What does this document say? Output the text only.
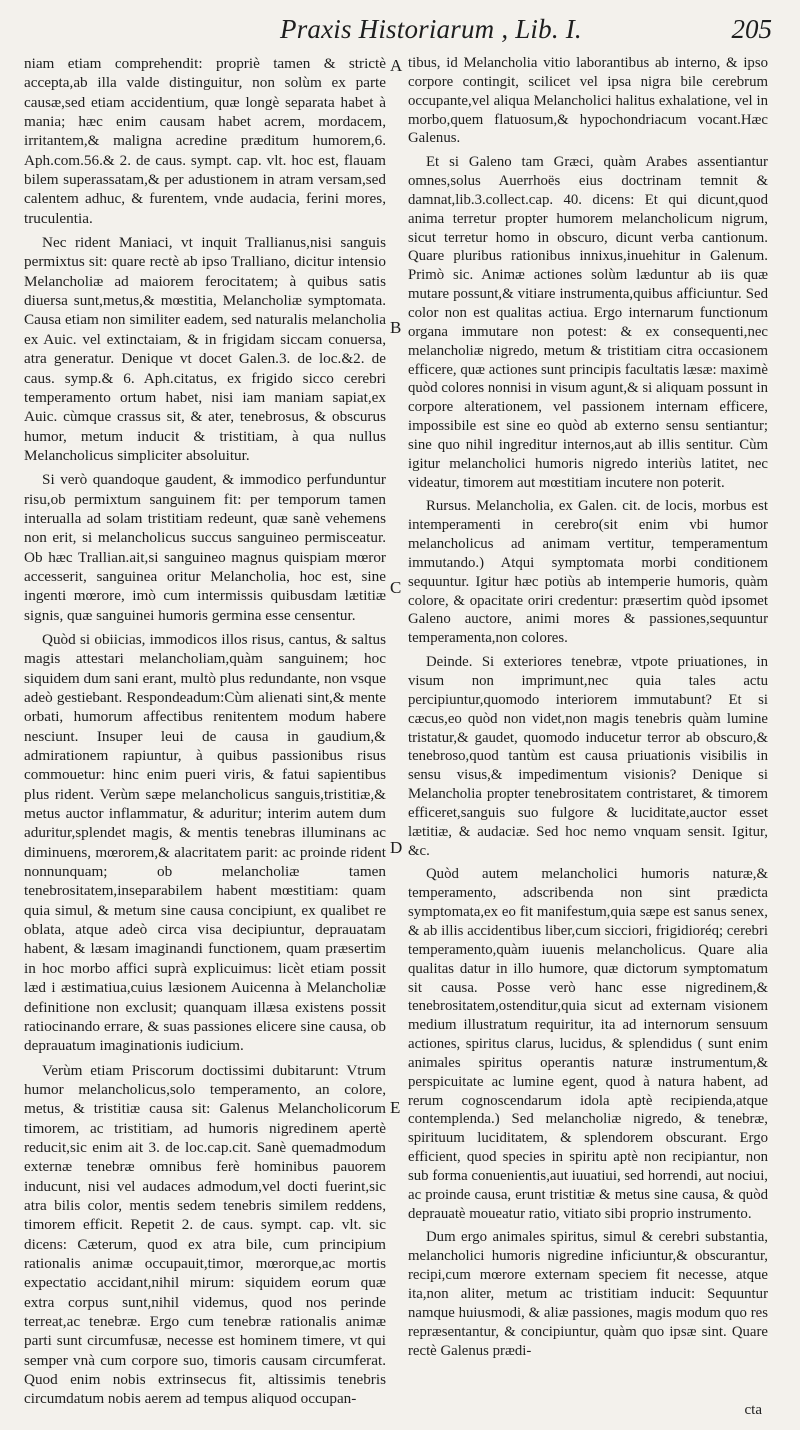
Praxis Historiarum , Lib. I.	205

niam etiam comprehendit: propriè tamen & strictè accepta,ab illa valde distinguitur, non solùm ex parte causæ,sed etiam accidentium, quæ longè separata habet à mania; hæc enim causam habet acrem, mordacem, irritantem,& maligna acredine præditum humorem,6. Aph.com.56.& 2. de caus. sympt. cap. vlt. hoc est, flauam bilem superassatam,& per adustionem in atram versam,sed calentem adhuc, & furentem, vnde audacia, ferini mores, truculentia.

Nec rident Maniaci, vt inquit Trallianus,nisi sanguis permixtus sit: quare rectè ab ipso Tralliano, dicitur intensio Melancholiæ ad maiorem ferocitatem; à quibus satis diuersa sunt,metus,& mœstitia, Melancholiæ symptomata. Causa etiam non similiter eadem, sed naturalis melancholia ex Auic. vel extinctaiam, & in frigidam siccam conuersa, atra generatur. Denique vt docet Galen.3. de loc.&2. de caus. symp.& 6. Aph.citatus, ex frigido sicco cerebri temperamento ortum habet, nisi iam maniam sapiat,ex Auic. cùmque crassus sit, & ater, tenebrosus, & obscurus humor, metum inducit & tristitiam, à qua nullus Melancholicus simpliciter absoluitur.

Si verò quandoque gaudent, & immodico perfunduntur risu,ob permixtum sanguinem fit: per temporum tamen interualla ad solam tristitiam redeunt, quæ sanè vehemens non erit, si melancholicus succus sanguineo permisceatur. Ob hæc Trallian.ait,si sanguineo magnus quispiam mœror accesserit, sanguinea oritur Melancholia, hoc est, sine ingenti mœrore, imò cum intermissis quibusdam lætitiæ signis, quæ sanguinei humoris germina esse censentur.

Quòd si obiicias, immodicos illos risus, cantus, & saltus magis attestari melancholiam,quàm sanguinem; hoc siquidem dum sani erant, multò plus redundante, non vsque adeò gestiebant. Respondeadum:Cùm alienati sint,& mente orbati, humorum affectibus renitentem modum habere nesciunt. Insuper leui de causa in gaudium,& admirationem rapiuntur, à quibus passionibus risus commouetur: hinc enim pueri viris, & fatui sapientibus plus rident. Verùm sæpe melancholicus sanguis,tristitiæ,& metus auctor inflammatur, & aduritur; interim autem dum aduritur,splendet magis, & mentis tenebras illuminans ac diminuens, mœrorem,& alacritatem parit: ac proinde rident nonnunquam; ob melancholiæ tamen tenebrositatem,inseparabilem habent mœstitiam: quam quia simul, & metum sine causa concipiunt, ex qualibet re oblata, atque adeò circa visa decipiuntur, deprauatam habent, & læsam imaginandi functionem, quam præsertim in hoc morbo affici suprà explicuimus: licèt etiam possit læd i æstimatiua,cuius læsionem Auicenna à Melancholiæ definitione non exclusit; quanquam illæsa existens possit ratiocinando errare, & suas passiones elicere sine causa, ob deprauatum imaginationis iudicium.

Verùm etiam Priscorum doctissimi dubitarunt: Vtrum humor melancholicus,solo temperamento, an colore, metus, & tristitiæ causa sit: Galenus Melancholicorum timorem, ac tristitiam, ad humoris nigredinem apertè reducit,sic enim ait 3. de loc.cap.cit. Sanè quemadmodum externæ tenebræ omnibus ferè hominibus pauorem inducunt, nisi vel audaces admodum,vel docti fuerint,sic atra bilis color, mentis sedem tenebris similem reddens, timorem efficit. Repetit 2. de caus. sympt. cap. vlt. sic dicens: Cæterum, quod ex atra bile, cum principium rationalis animæ occupauit,timor, mœrorque,ac mortis expectatio accidant,nihil mirum: siquidem eorum quæ extra corpus sunt,nihil videmus, quod nos perinde terreat,ac tenebræ. Ergo cum tenebræ rationalis animæ parti sunt circumfusæ, necesse est hominem timere, vt qui semper vnà cum corpore suo, timoris causam circumferat. Quod enim nobis extrinsecus fit, altissimis tenebris circumdatum nobis aerem ad tempus aliquod occupan-

A
B
C
D
E

tibus, id Melancholia vitio laborantibus ab interno, & ipso corpore contingit, scilicet vel ipsa nigra bile cerebrum occupante,vel aliqua Melancholici halitus exhalatione, vel in morbo,quem flatuosum,& hypochondriacum vocant.Hæc Galenus.

Et si Galeno tam Græci, quàm Arabes assentiantur omnes,solus Auerrhoës eius doctrinam temnit & damnat,lib.3.collect.cap. 40. dicens: Et qui dicunt,quod anima terretur propter humorem melancholicum nigrum, sicut terretur homo in obscuro, dicunt verba cantionum. Quare pluribus rationibus innixus,inuehitur in Galenum. Primò sic. Animæ actiones solùm læduntur ab iis quæ mutare possunt,& vitiare instrumenta,quibus afficiuntur. Sed color non est qualitas actiua. Ergo internarum functionum organa immutare non potest: & ex consequenti,nec melancholiæ nigredo, metum & tristitiam citra occasionem efficere, quæ actiones sunt principis facultatis læsæ: maximè quòd colores nonnisi in visum agunt,& si aliquam possunt in corpore alterationem, vel passionem internam efficere, impossibile est sine eo quòd ab externo sensu sentiantur; sine quo nihil ingreditur internos,aut ab illis sentitur. Cùm igitur melancholici humoris nigredo interiùs latitet, nec videatur, timorem aut mœstitiam incutere non poterit.

Rursus. Melancholia, ex Galen. cit. de locis, morbus est intemperamenti in cerebro(sit enim vbi humor melancholicus ad animam vertitur, temperamentum immutando.) Atqui symptomata morbi conditionem sequuntur. Igitur hæc potiùs ab intemperie humoris, quàm colore, & opacitate oriri credentur: præsertim quòd ipsomet Galeno auctore, animi mores & passiones,sequuntur temperamenta,non colores.

Deinde. Si exteriores tenebræ, vtpote priuationes, in visum non imprimunt,nec quia tales actu percipiuntur,quomodo interiorem immutabunt? Et si cæcus,eo quòd non videt,non magis tenebris quàm lumine tristatur,& gaudet, quomodo inducetur terror ab obscuro,& tenebroso,quod tantùm est causa priuationis visibilis in sensu visus,& impedimentum visionis? Denique si Melancholia propter tenebrositatem contristaret, & timorem efficeret,sanguis suo fulgore & luciditate,auctor esset lætitiæ, & audaciæ. Sed hoc nemo vnquam sensit. Igitur, &c.

Quòd autem melancholici humoris naturæ,& temperamento, adscribenda non sint prædicta symptomata,ex eo fit manifestum,quia sæpe est sanus senex, & ab illis accidentibus liber,cum sicciori, frigidioréq; cerebri temperamento,quàm iuuenis melancholicus. Quare alia qualitas datur in illo humore, quæ dictorum symptomatum sit causa. Posse verò hanc esse nigredinem,& tenebrositatem,ostenditur,quia sicut ad externam visionem medium illustratum requiritur, ita ad internorum sensuum actiones, spiritus clarus, lucidus, & splendidus ( sunt enim animales spiritus operantis naturæ instrumentum,& perspicuitate ac lumine egent, quod à natura habent, ad rerum cognoscendarum idola aptè recipienda,atque contemplenda.) Sed melancholiæ nigredo, & tenebræ, spirituum luciditatem, & splendorem obscurant. Ergo efficient, quod species in spiritu aptè non recipiantur, non sub forma conuenientis,aut iuuatiui, sed horrendi, aut nociui, ac proinde causa, erunt tristitiæ & metus sine causa, & quòd deprauatè moueatur ratio, vitiato sibi proprio instrumento.

Dum ergo animales spiritus, simul & cerebri substantia, melancholici humoris nigredine inficiuntur,& obscurantur, recipi,cum mœrore externam speciem fit necesse, atque ita,non aliter, metum ac tristitiam inducit: Sequuntur namque huiusmodi, & aliæ passiones, magis modum quo res repræsentantur, & concipiuntur, quàm quo ipsæ sint. Quare rectè Galenus prædi-

cta
